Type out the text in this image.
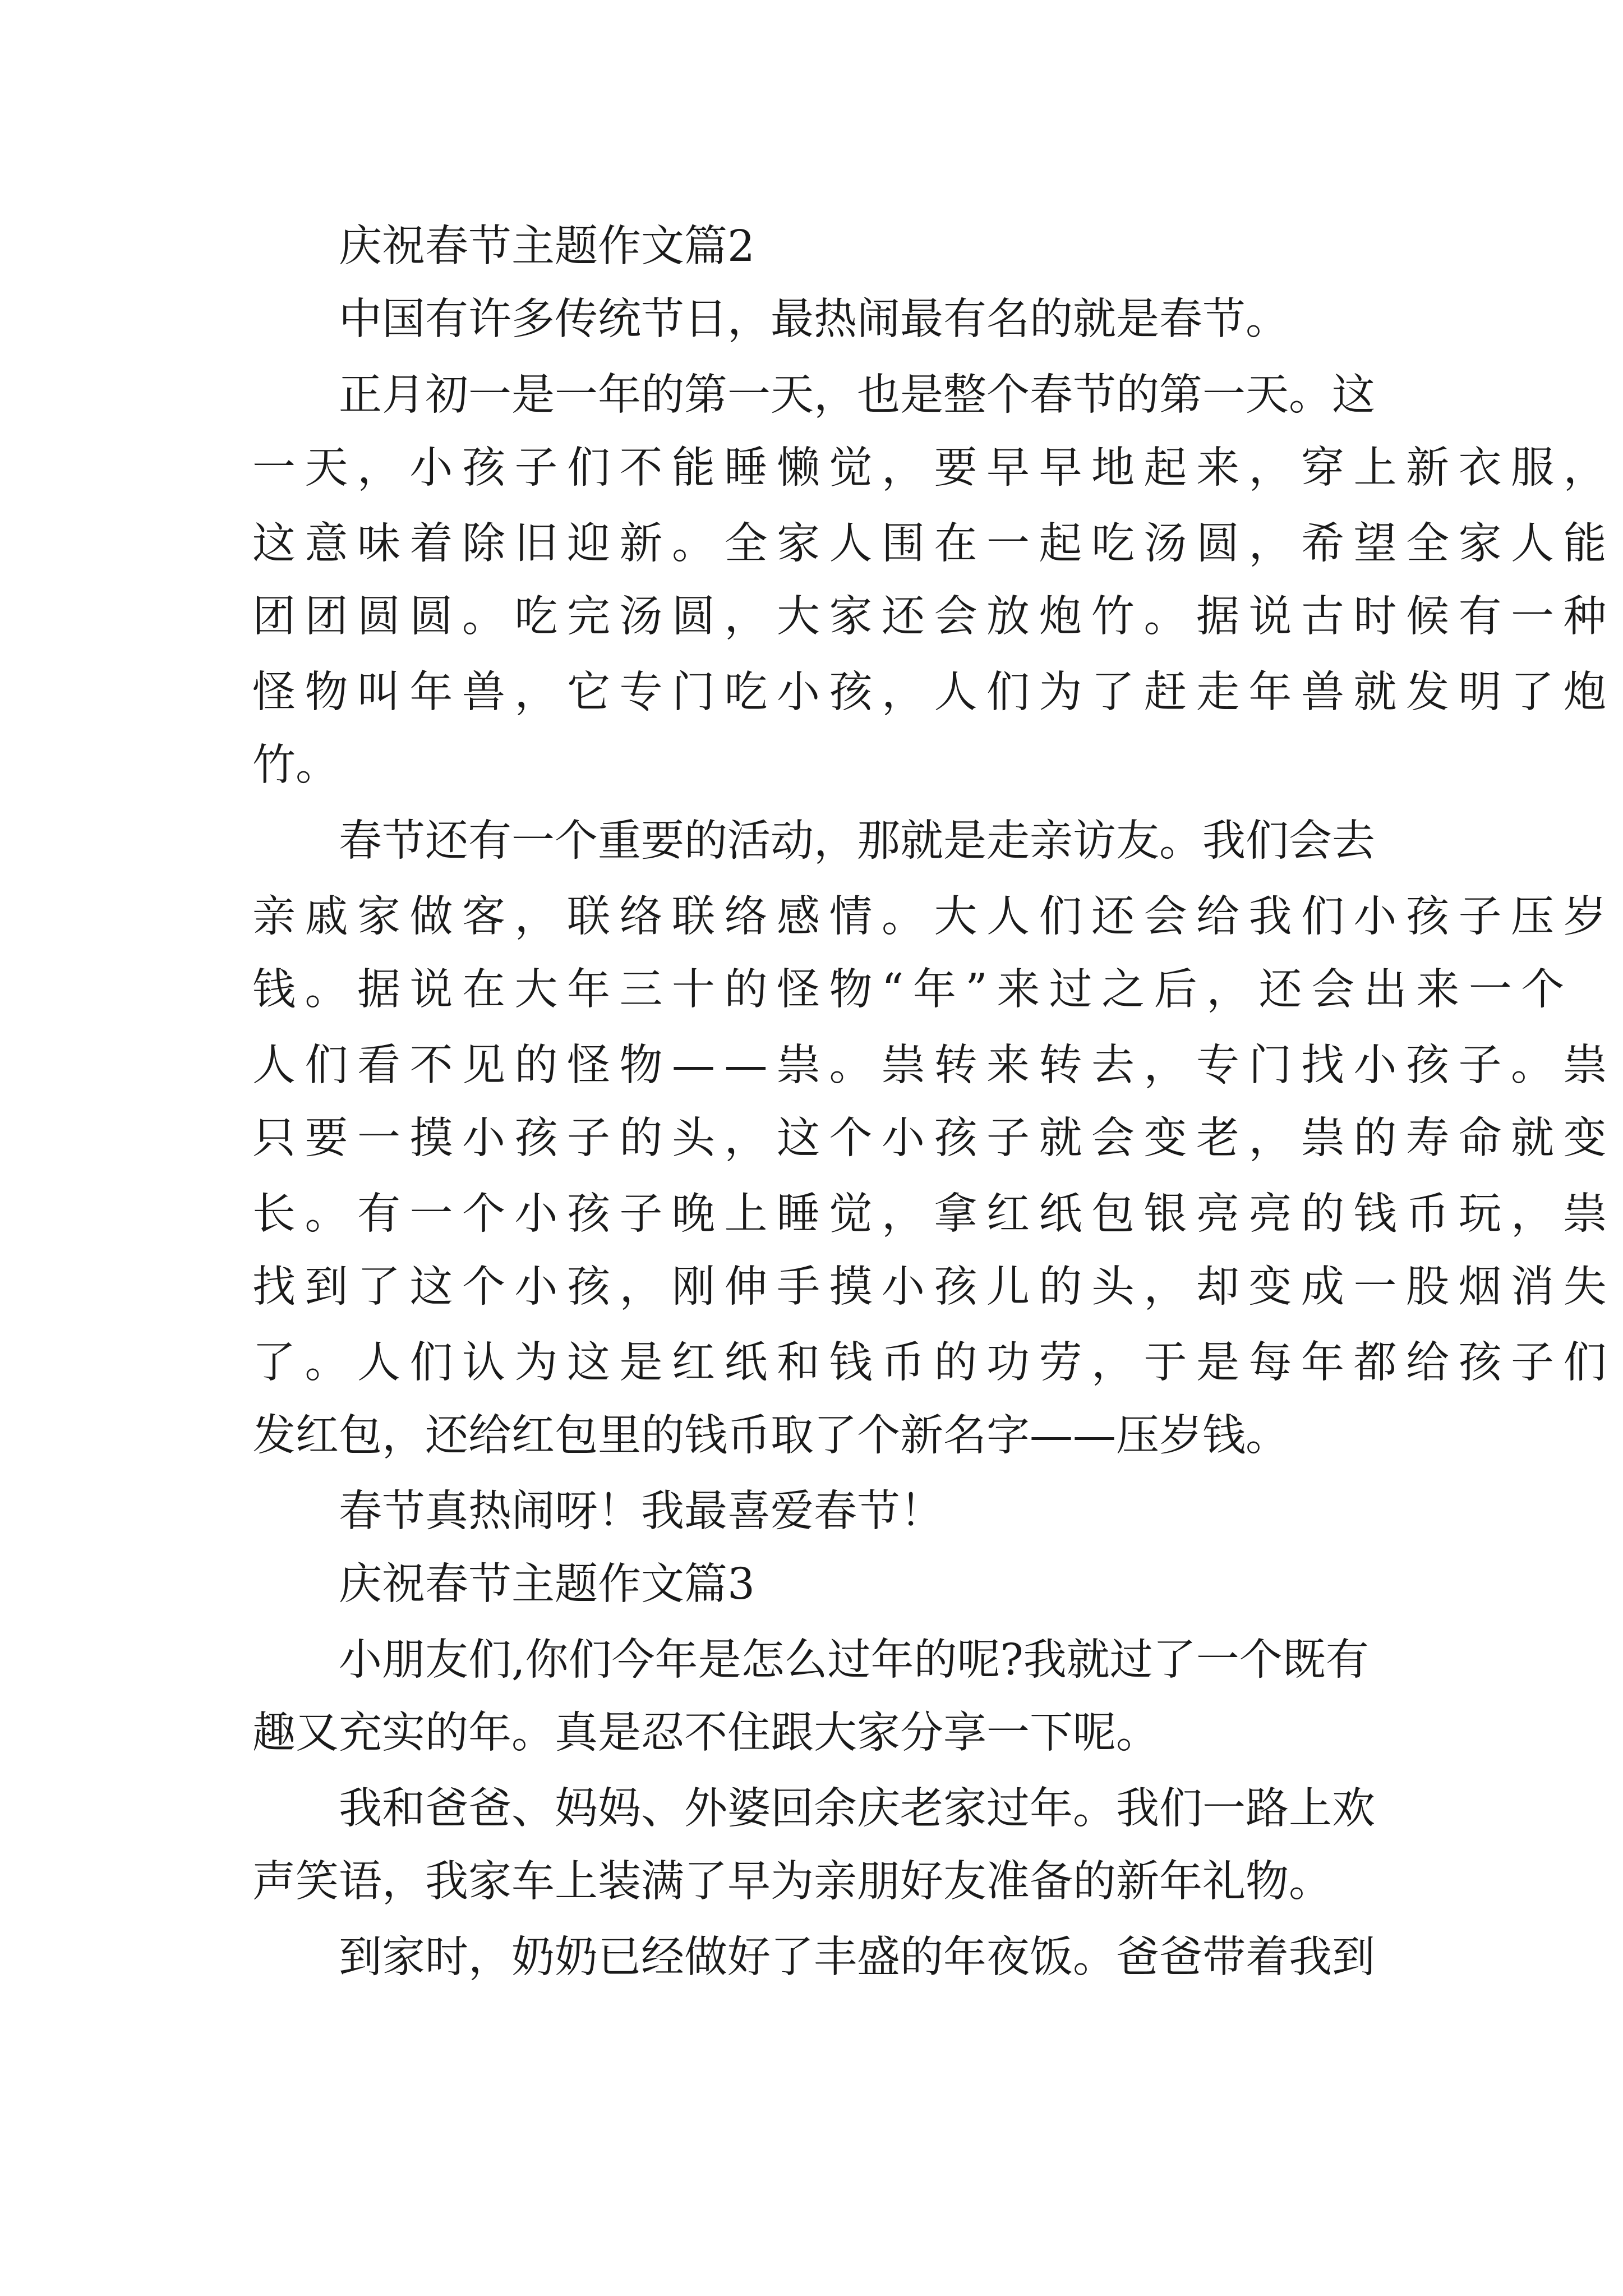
庆祝春节主题作文篇2

中国有许多传统节日，最热闹最有名的就是春节。

正月初一是一年的第一天，也是整个春节的第一天。这

一天，小孩子们不能睡懒觉，要早早地起来，穿上新衣服，

这意味着除旧迎新。全家人围在一起吃汤圆，希望全家人能

团团圆圆。吃完汤圆，大家还会放炮竹。据说古时候有一种

怪物叫年兽，它专门吃小孩，人们为了赶走年兽就发明了炮

竹。

春节还有一个重要的活动，那就是走亲访友。我们会去

亲戚家做客，联络联络感情。大人们还会给我们小孩子压岁

钱。据说在大年三十的怪物“年”来过之后，还会出来一个

人们看不见的怪物——祟。祟转来转去，专门找小孩子。祟

只要一摸小孩子的头，这个小孩子就会变老，祟的寿命就变

长。有一个小孩子晚上睡觉，拿红纸包银亮亮的钱币玩，祟

找到了这个小孩，刚伸手摸小孩儿的头，却变成一股烟消失

了。人们认为这是红纸和钱币的功劳，于是每年都给孩子们

发红包，还给红包里的钱币取了个新名字——压岁钱。

春节真热闹呀！我最喜爱春节！

庆祝春节主题作文篇3

小朋友们,你们今年是怎么过年的呢?我就过了一个既有

趣又充实的年。真是忍不住跟大家分享一下呢。

我和爸爸、妈妈、外婆回余庆老家过年。我们一路上欢

声笑语，我家车上装满了早为亲朋好友准备的新年礼物。

到家时，奶奶已经做好了丰盛的年夜饭。爸爸带着我到
